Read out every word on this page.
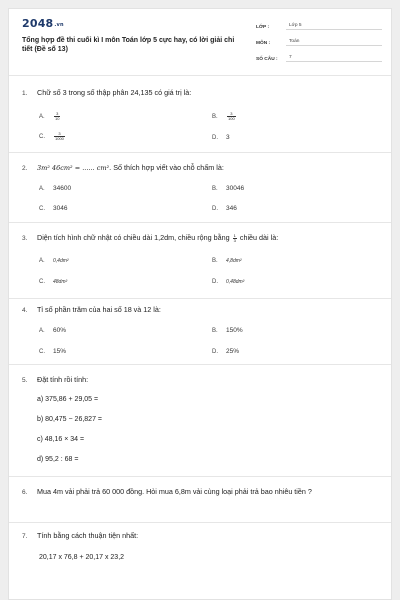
$2048^{.vn}$
Tổng hợp đề thi cuối kì I môn Toán lớp 5 cực hay, có lời giải chi tiết (Đề số 13)
LỚP :	Lớp 5
MÔN :	Toán
SỐ CÂU :	7
1. Chữ số 3 trong số thập phân 24,135 có giá trị là:
A. $\frac{3}{10}$	B. $\frac{3}{100}$
C. $\frac{3}{1000}$	D. 3
2. 3m² 46cm² = ...... cm². Số thích hợp viết vào chỗ chấm là:
A. 34600	B. 30046
C. 3046	D. 346
3. Diện tích hình chữ nhật có chiều dài 1,2dm, chiều rộng bằng $\frac{1}{3}$ chiều dài là:
A. 0,4dm²	B. 4,8dm²
C. 48dm²	D. 0,48dm²
4. Tỉ số phần trăm của hai số 18 và 12 là:
A. 60%	B. 150%
C. 15%	D. 25%
5. Đặt tính rồi tính:
a) 375,86 + 29,05 =
b) 80,475 − 26,827 =
c) 48,16 × 34 =
d) 95,2 : 68 =
6. Mua 4m vải phải trả 60 000 đồng. Hỏi mua 6,8m vải cùng loại phải trả bao nhiêu tiền ?
7. Tính bằng cách thuận tiện nhất:
20,17 x 76,8 + 20,17 x 23,2
